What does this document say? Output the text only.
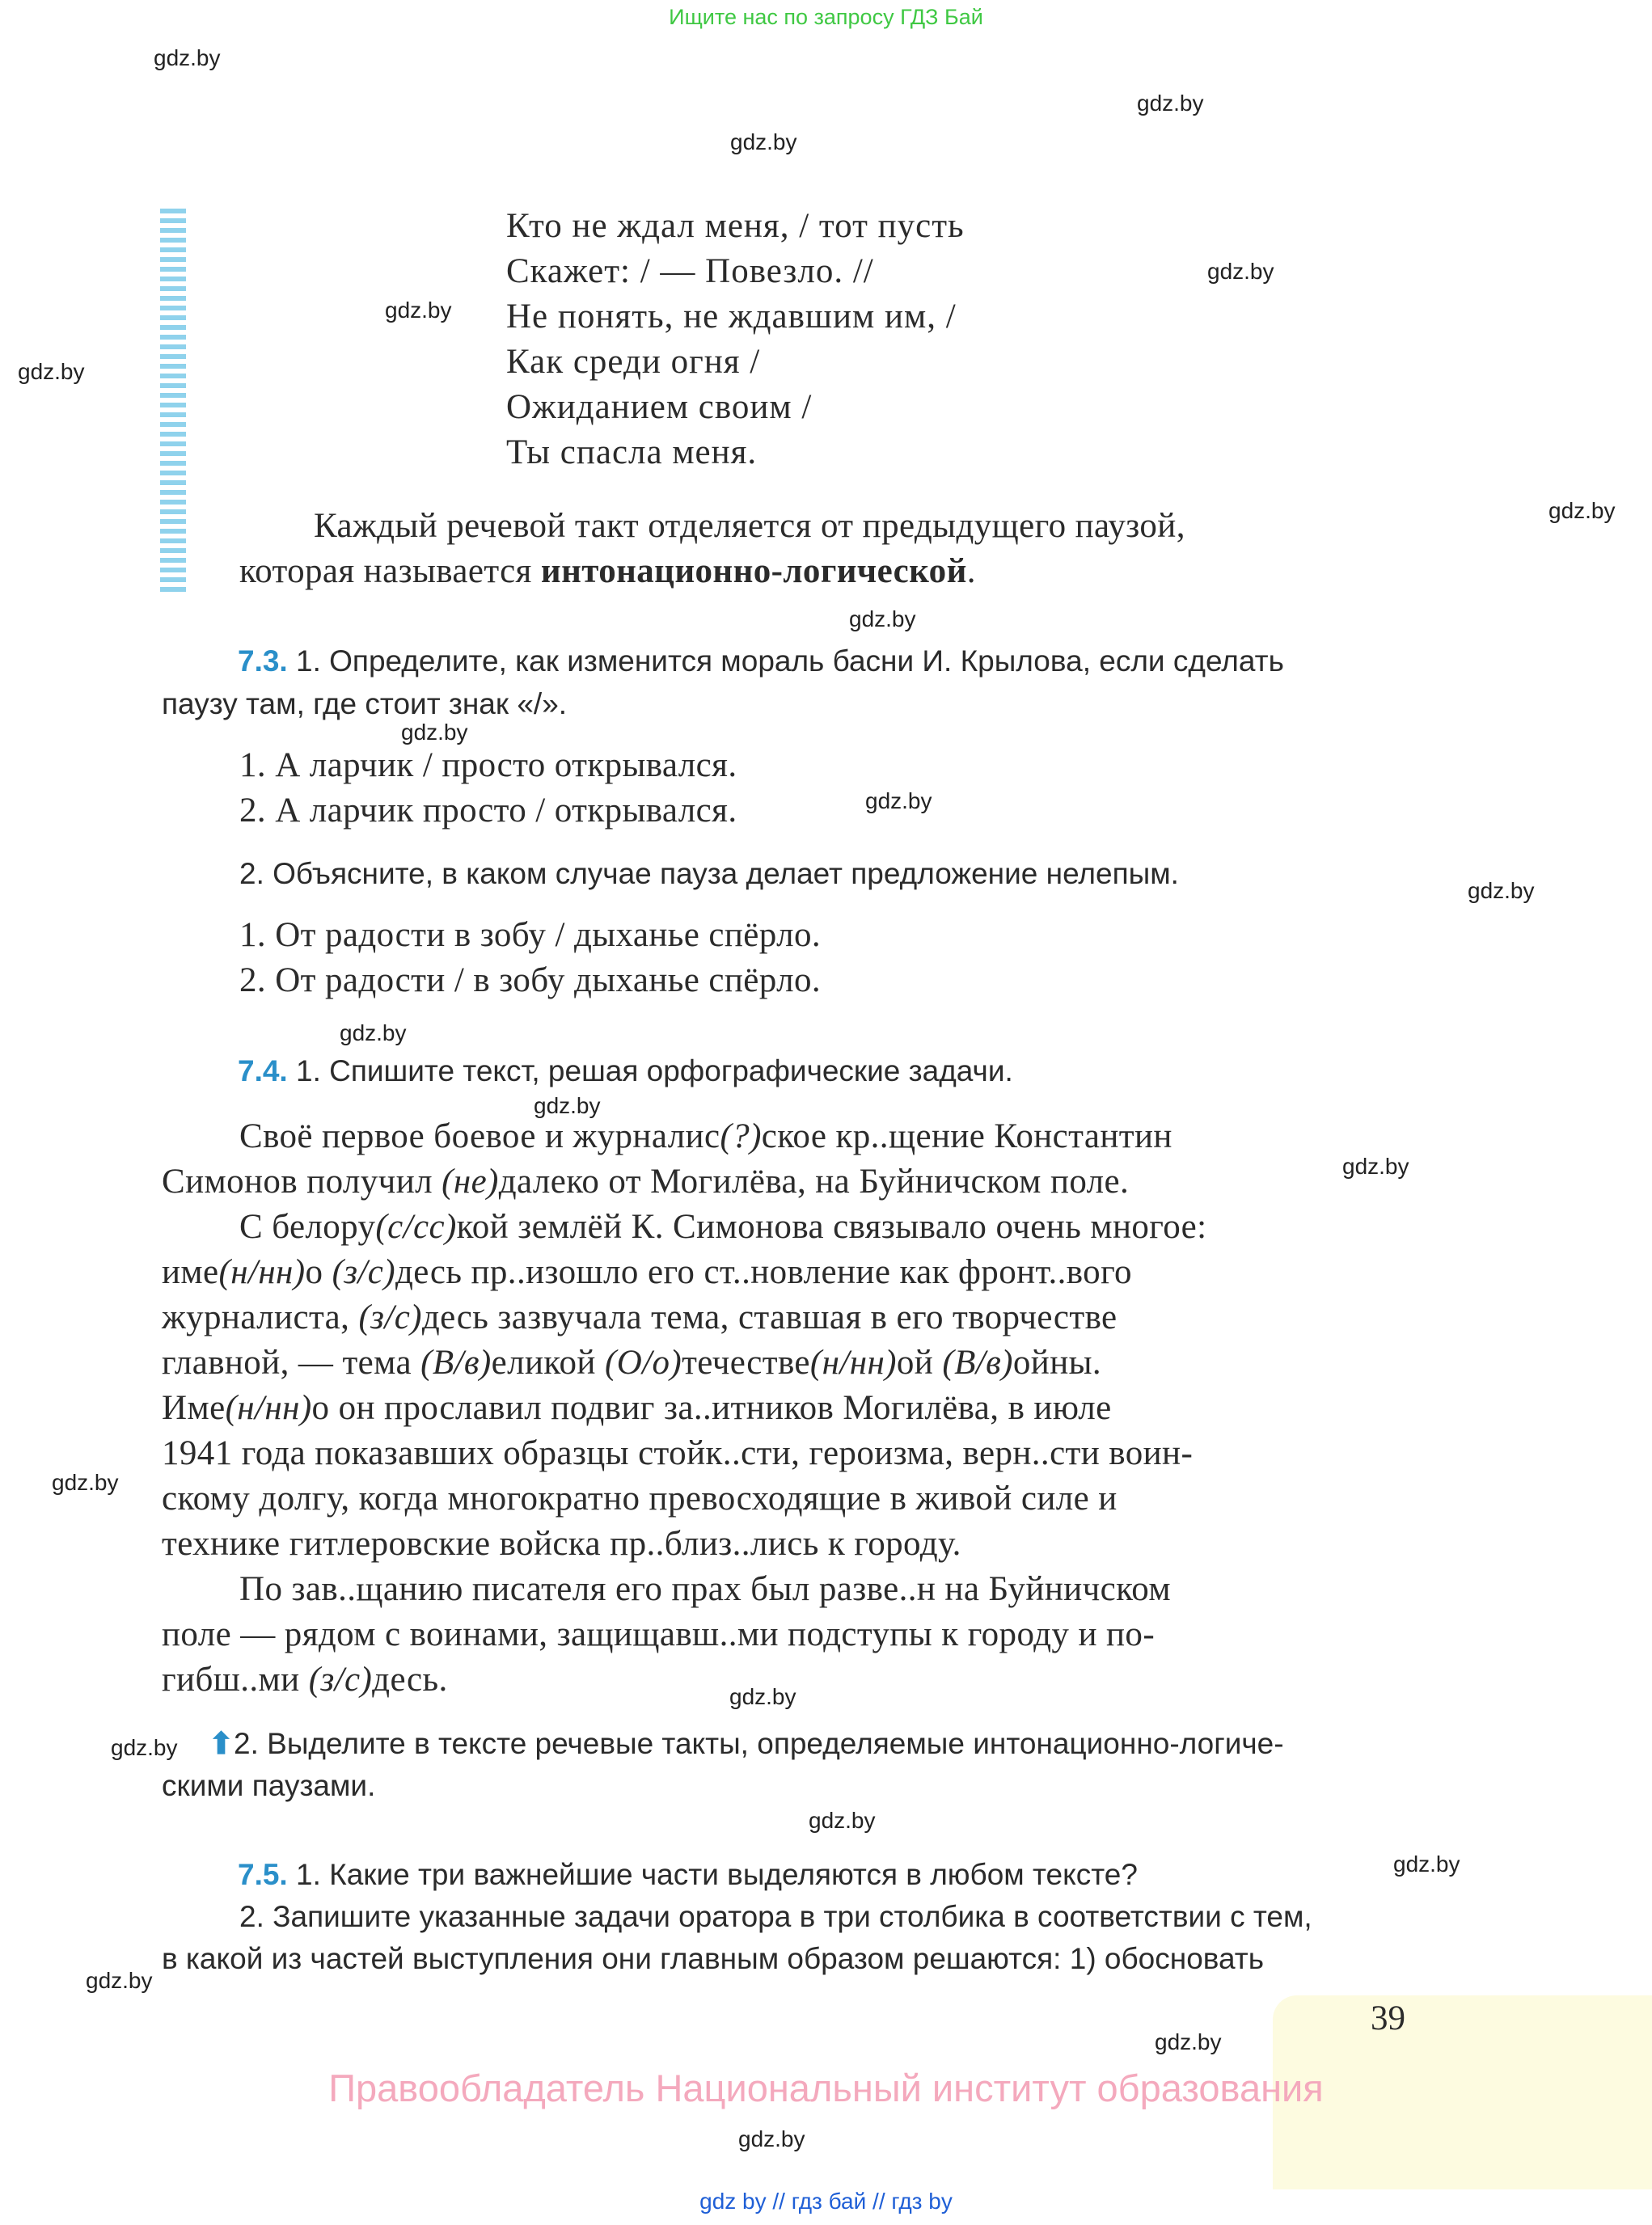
Ищите нас по запросу ГДЗ Бай
gdz.by
gdz.by
gdz.by
gdz.by
gdz.by
gdz.by
gdz.by
gdz.by
gdz.by
gdz.by
gdz.by
gdz.by
gdz.by
gdz.by
gdz.by
gdz.by
gdz.by
gdz.by
gdz.by
gdz.by
gdz.by
gdz.by
Кто не ждал меня, / тот пусть
Скажет: / — Повезло. //
Не понять, не ждавшим им, /
Как среди огня /
Ожиданием своим /
Ты спасла меня.
Каждый речевой такт отделяется от предыдущего паузой,
которая называется интонационно-логической.
7.3. 1. Определите, как изменится мораль басни И. Крылова, если сделать
паузу там, где стоит знак «/».
1. А ларчик / просто открывался.
2. А ларчик просто / открывался.
2. Объясните, в каком случае пауза делает предложение нелепым.
1. От радости в зобу / дыханье спёрло.
2. От радости / в зобу дыханье спёрло.
7.4. 1. Спишите текст, решая орфографические задачи.
Своё первое боевое и журналис(?)ское кр..щение Константин
Симонов получил (не)далеко от Могилёва, на Буйничском поле.
С белору(с/сс)кой землёй К. Симонова связывало очень многое:
име(н/нн)о (з/с)десь пр..изошло его ст..новление как фронт..вого
журналиста, (з/с)десь зазвучала тема, ставшая в его творчестве
главной, — тема (В/в)еликой (О/о)течестве(н/нн)ой (В/в)ойны.
Име(н/нн)о он прославил подвиг за..итников Могилёва, в июле
1941 года показавших образцы стойк..сти, героизма, верн..сти воин-
скому долгу, когда многократно превосходящие в живой силе и
технике гитлеровские войска пр..близ..лись к городу.
По зав..щанию писателя его прах был разве..н на Буйничском
поле — рядом с воинами, защищавш..ми подступы к городу и по-
гибш..ми (з/с)десь.
⬆2. Выделите в тексте речевые такты, определяемые интонационно-логиче-
скими паузами.
7.5. 1. Какие три важнейшие части выделяются в любом тексте?
2. Запишите указанные задачи оратора в три столбика в соответствии с тем,
в какой из частей выступления они главным образом решаются: 1) обосновать
39
Правообладатель Национальный институт образования
gdz by // гдз бай // гдз by
